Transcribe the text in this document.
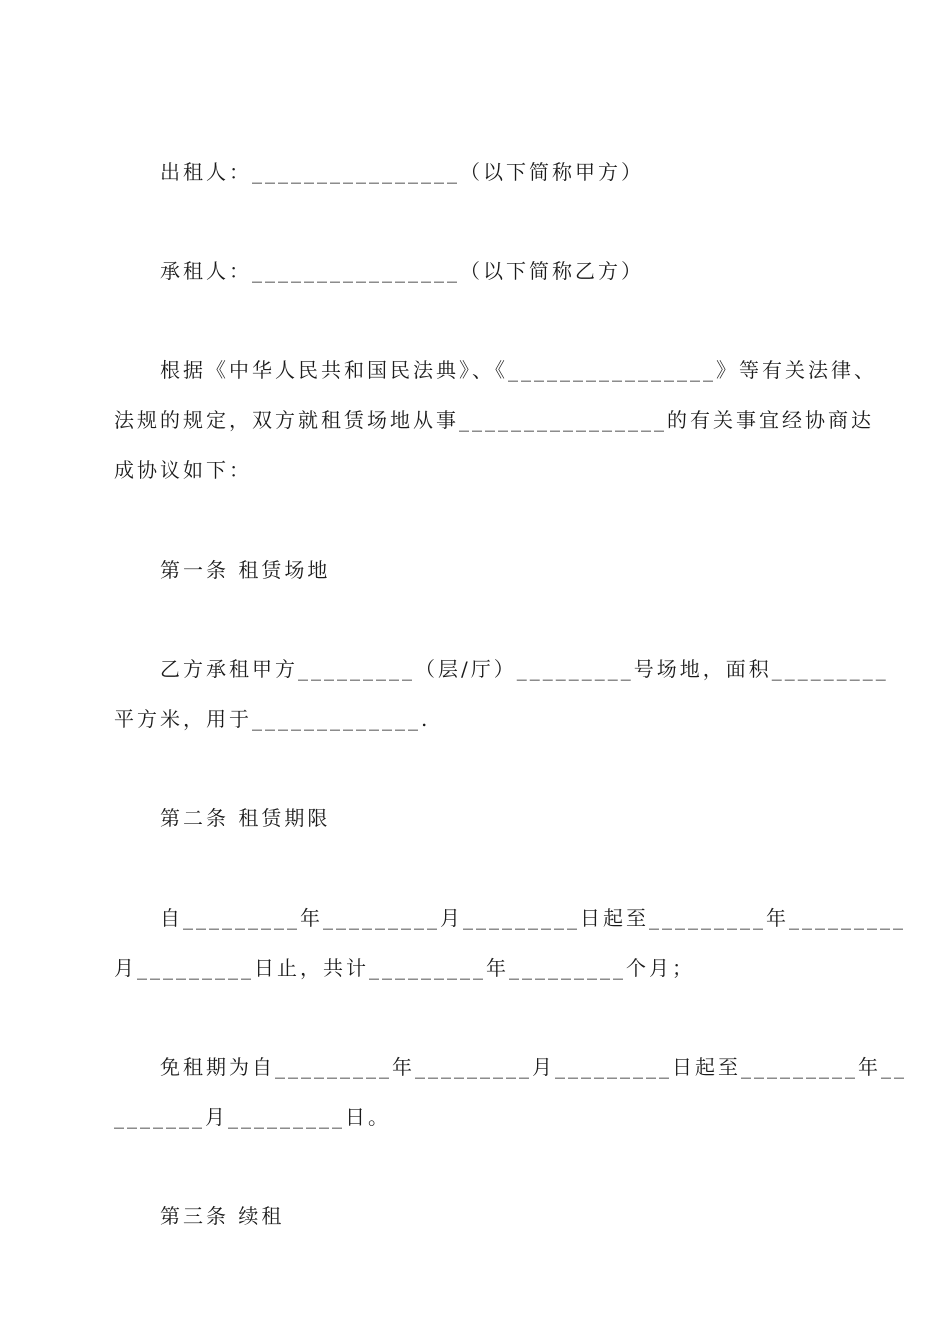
出租人：________________（以下简称甲方）
承租人：________________（以下简称乙方）
根据《中华人民共和国民法典》、《________________》等有关法律、
法规的规定，双方就租赁场地从事________________的有关事宜经协商达
成协议如下：
第一条 租赁场地
乙方承租甲方_________（层/厅）_________号场地，面积_________
平方米，用于_____________.
第二条 租赁期限
自_________年_________月_________日起至_________年_________
月_________日止，共计_________年_________个月；
免租期为自_________年_________月_________日起至_________年__
_______月_________日。
第三条 续租
